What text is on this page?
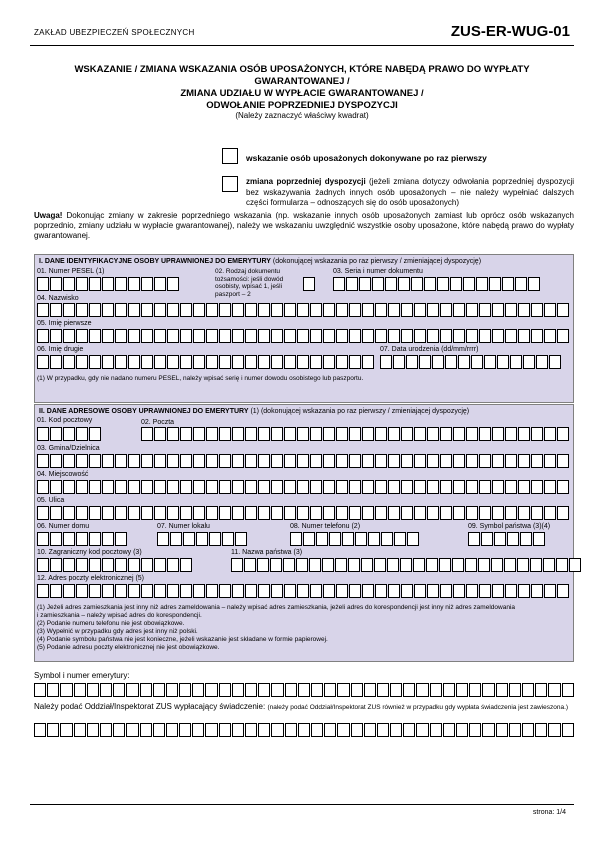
ZAKŁAD UBEZPIECZEŃ SPOŁECZNYCH	ZUS-ER-WUG-01
WSKAZANIE / ZMIANA WSKAZANIA OSÓB UPOSAŻONYCH, KTÓRE NABĘDĄ PRAWO DO WYPŁATY GWARANTOWANEJ /
ZMIANA UDZIAŁU W WYPŁACIE GWARANTOWANEJ /
ODWOŁANIE POPRZEDNIEJ DYSPOZYCJI
(Należy zaznaczyć właściwy kwadrat)
wskazanie osób uposażonych dokonywane po raz pierwszy
zmiana poprzedniej dyspozycji (jeżeli zmiana dotyczy odwołania poprzedniej dyspozycji bez wskazywania żadnych innych osób uposażonych – nie należy wypełniać dalszych części formularza – odnoszących się do osób uposażonych)
Uwaga! Dokonując zmiany w zakresie poprzedniego wskazania (np. wskazanie innych osób uposażonych zamiast lub oprócz osób wskazanych poprzednio, zmiany udziału w wypłacie gwarantowanej), należy we wskazaniu uwzględnić wszystkie osoby uposażone, które nabędą prawo do wypłaty gwarantowanej.
I. DANE IDENTYFIKACYJNE OSOBY UPRAWNIONEJ DO EMERYTURY (dokonującej wskazania po raz pierwszy / zmieniającej dyspozycję)
01. Numer PESEL (1)	02. Rodzaj dokumentu tożsamości: jeśli dowód osobisty, wpisać 1, jeśli paszport – 2
03. Seria i numer dokumentu
04. Nazwisko
05. Imię pierwsze
06. Imię drugie	07. Data urodzenia (dd/mm/rrrr)
(1) W przypadku, gdy nie nadano numeru PESEL, należy wpisać serię i numer dowodu osobistego lub paszportu.
II. DANE ADRESOWE OSOBY UPRAWNIONEJ DO EMERYTURY (1) (dokonującej wskazania po raz pierwszy / zmieniającej dyspozycję)
01. Kod pocztowy	02. Poczta
03. Gmina/Dzielnica
04. Miejscowość
05. Ulica
06. Numer domu	07. Numer lokalu	08. Numer telefonu (2)	09. Symbol państwa (3)(4)
10. Zagraniczny kod pocztowy (3)	11. Nazwa państwa (3)
12. Adres poczty elektronicznej (5)
(1) Jeżeli adres zamieszkania jest inny niż adres zameldowania – należy wpisać adres zamieszkania, jeżeli adres do korespondencji jest inny niż adres zameldowania
i zamieszkania – należy wpisać adres do korespondencji.
(2) Podanie numeru telefonu nie jest obowiązkowe.
(3) Wypełnić w przypadku gdy adres jest inny niż polski.
(4) Podanie symbolu państwa nie jest konieczne, jeżeli wskazanie jest składane w formie papierowej.
(5) Podanie adresu poczty elektronicznej nie jest obowiązkowe.
Symbol i numer emerytury:
Należy podać Oddział/Inspektorat ZUS wypłacający świadczenie: (należy podać Oddział/Inspektorat ZUS również w przypadku gdy wypłata świadczenia jest zawieszona.)
strona: 1/4
